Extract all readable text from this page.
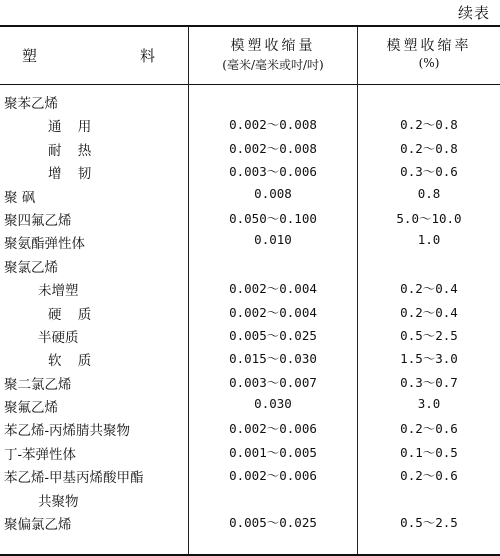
续表
塑	料
模塑收缩量
(毫米/毫米或吋/吋)
模塑收缩率
(%)
聚苯乙烯
通 用	0.002～0.008	0.2～0.8
耐 热	0.002～0.008	0.2～0.8
增 韧	0.003～0.006	0.3～0.6
聚 砜	0.008	0.8
聚四氟乙烯	0.050～0.100	5.0～10.0
聚氨酯弹性体	0.010	1.0
聚氯乙烯
未增塑	0.002～0.004	0.2～0.4
硬 质	0.002～0.004	0.2～0.4
半硬质	0.005～0.025	0.5～2.5
软 质	0.015～0.030	1.5～3.0
聚二氯乙烯	0.003～0.007	0.3～0.7
聚氟乙烯	0.030	3.0
苯乙烯-丙烯腈共聚物	0.002～0.006	0.2～0.6
丁-苯弹性体	0.001～0.005	0.1～0.5
苯乙烯-甲基丙烯酸甲酯	0.002～0.006	0.2～0.6
共聚物
聚偏氯乙烯	0.005～0.025	0.5～2.5
